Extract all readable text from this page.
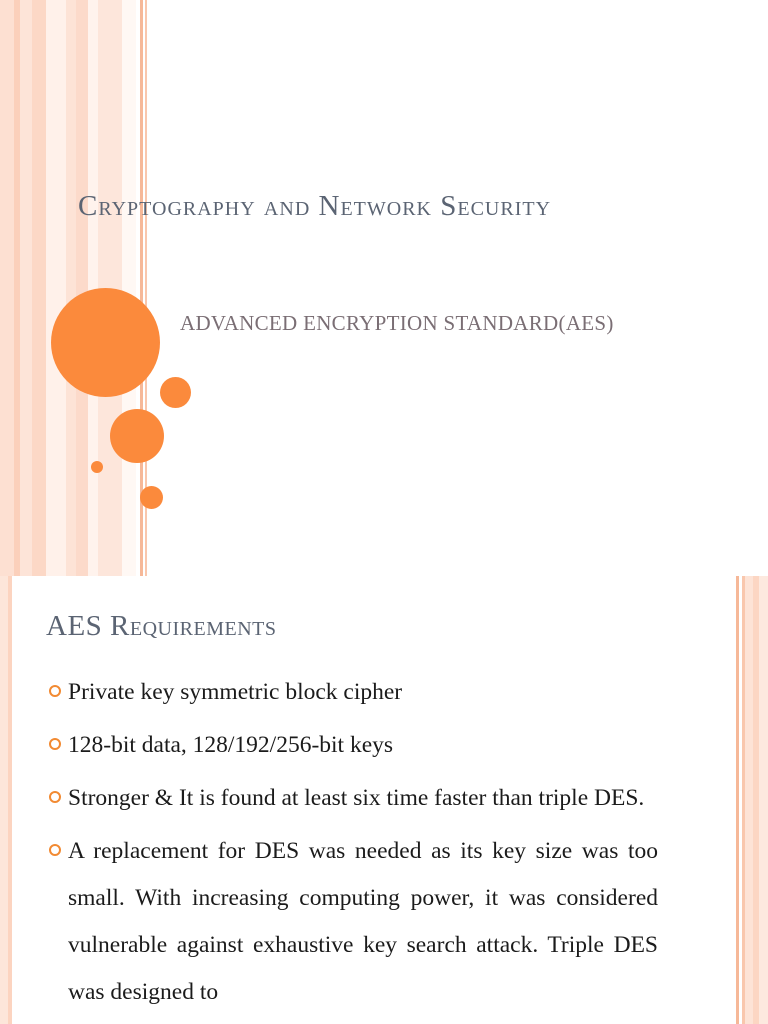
Cryptography and Network Security
ADVANCED ENCRYPTION STANDARD(AES)
AES Requirements
Private key symmetric block cipher
128-bit data, 128/192/256-bit keys
Stronger & It is found at least six time faster than triple DES.
A replacement for DES was needed as its key size was too small. With increasing computing power, it was considered vulnerable against exhaustive key search attack. Triple DES was designed to
